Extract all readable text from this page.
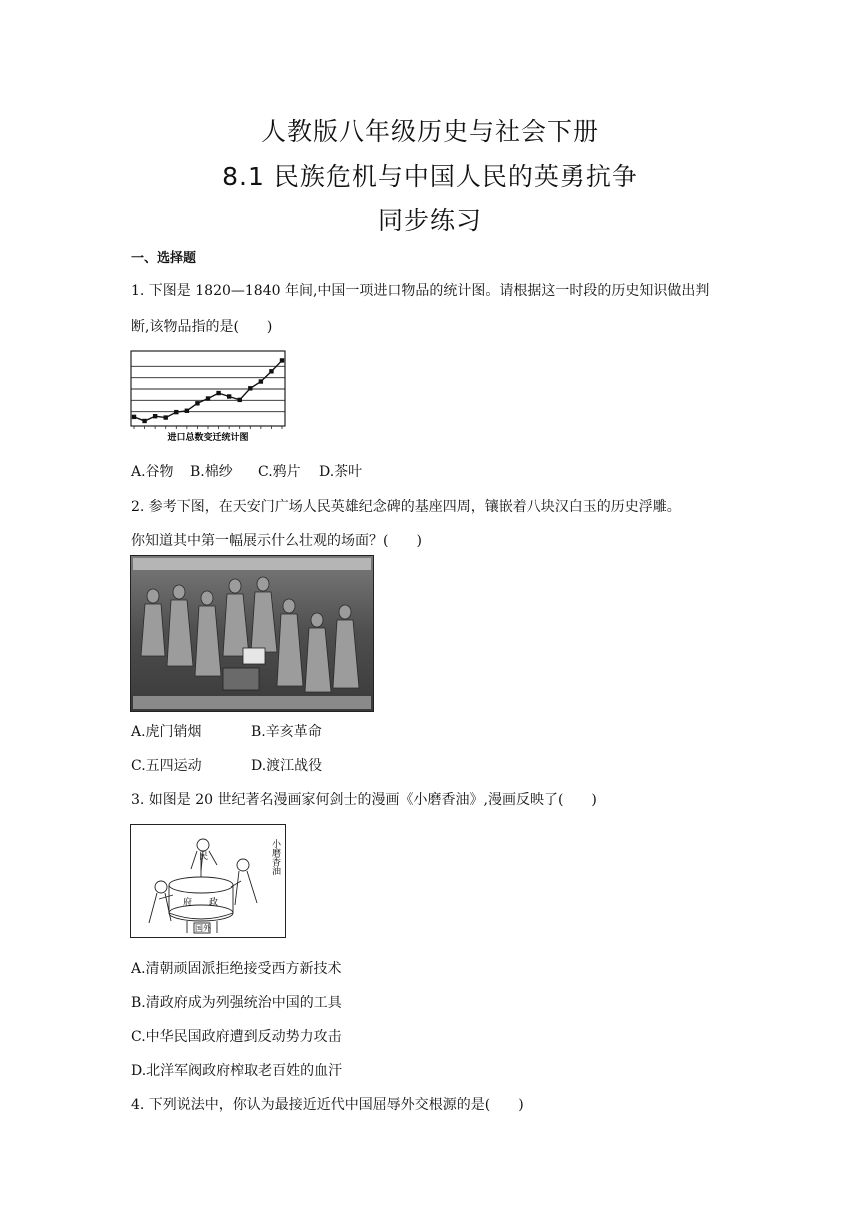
人教版八年级历史与社会下册
8.1 民族危机与中国人民的英勇抗争
同步练习
一、选择题
1. 下图是 1820—1840 年间,中国一项进口物品的统计图。请根据这一时段的历史知识做出判
断,该物品指的是(　　)
进口总数变迁统计图
A.谷物 B.棉纱 C.鸦片 D.茶叶
2. 参考下图，在天安门广场人民英雄纪念碑的基座四周，镶嵌着八块汉白玉的历史浮雕。
你知道其中第一幅展示什么壮观的场面？(　　)
A.虎门销烟	B.辛亥革命
C.五四运动	D.渡江战役
3. 如图是 20 世纪著名漫画家何剑士的漫画《小磨香油》,漫画反映了(　　)
小磨香油
民
府 政
国外
A.清朝顽固派拒绝接受西方新技术
B.清政府成为列强统治中国的工具
C.中华民国政府遭到反动势力攻击
D.北洋军阀政府榨取老百姓的血汗
4. 下列说法中，你认为最接近近代中国屈辱外交根源的是(　　)
